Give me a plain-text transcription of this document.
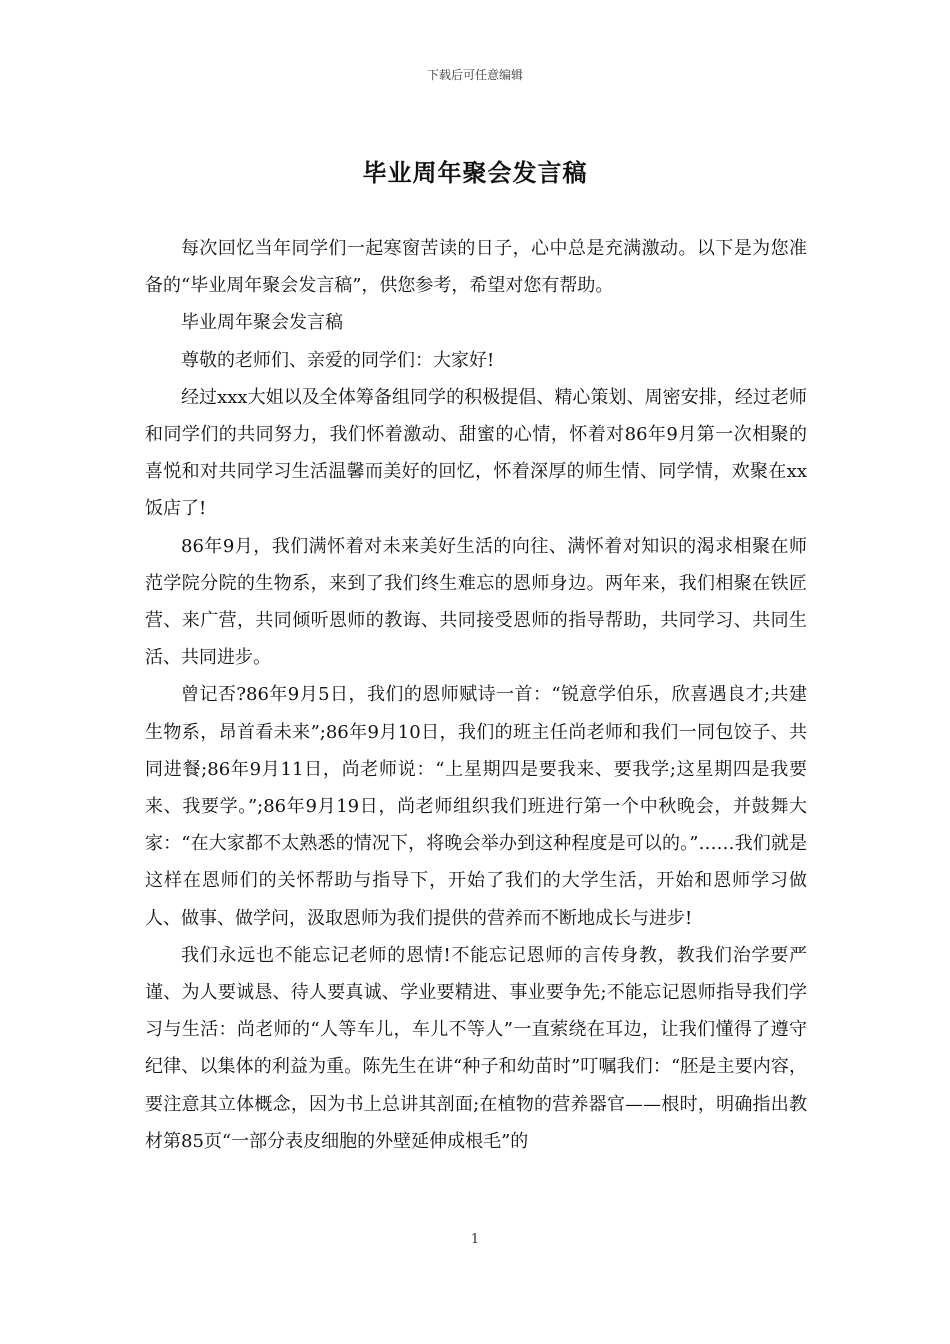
下载后可任意编辑
毕业周年聚会发言稿

每次回忆当年同学们一起寒窗苦读的日子，心中总是充满激动。以下是为您准备的“毕业周年聚会发言稿”，供您参考，希望对您有帮助。

毕业周年聚会发言稿

尊敬的老师们、亲爱的同学们：大家好!

经过xxx大姐以及全体筹备组同学的积极提倡、精心策划、周密安排，经过老师和同学们的共同努力，我们怀着激动、甜蜜的心情，怀着对86年9月第一次相聚的喜悦和对共同学习生活温馨而美好的回忆，怀着深厚的师生情、同学情，欢聚在xx饭店了!

86年9月，我们满怀着对未来美好生活的向往、满怀着对知识的渴求相聚在师范学院分院的生物系，来到了我们终生难忘的恩师身边。两年来，我们相聚在铁匠营、来广营，共同倾听恩师的教诲、共同接受恩师的指导帮助，共同学习、共同生活、共同进步。

曾记否?86年9月5日，我们的恩师赋诗一首：“锐意学伯乐，欣喜遇良才;共建生物系，昂首看未来”;86年9月10日，我们的班主任尚老师和我们一同包饺子、共同进餐;86年9月11日，尚老师说：“上星期四是要我来、要我学;这星期四是我要来、我要学。”;86年9月19日，尚老师组织我们班进行第一个中秋晚会，并鼓舞大家：“在大家都不太熟悉的情况下，将晚会举办到这种程度是可以的。”……我们就是这样在恩师们的关怀帮助与指导下，开始了我们的大学生活，开始和恩师学习做人、做事、做学问，汲取恩师为我们提供的营养而不断地成长与进步!

我们永远也不能忘记老师的恩情!不能忘记恩师的言传身教，教我们治学要严谨、为人要诚恳、待人要真诚、学业要精进、事业要争先;不能忘记恩师指导我们学习与生活：尚老师的“人等车儿，车儿不等人”一直萦绕在耳边，让我们懂得了遵守纪律、以集体的利益为重。陈先生在讲“种子和幼苗时”叮嘱我们：“胚是主要内容，要注意其立体概念，因为书上总讲其剖面;在植物的营养器官——根时，明确指出教材第85页“一部分表皮细胞的外壁延伸成根毛”的

1
